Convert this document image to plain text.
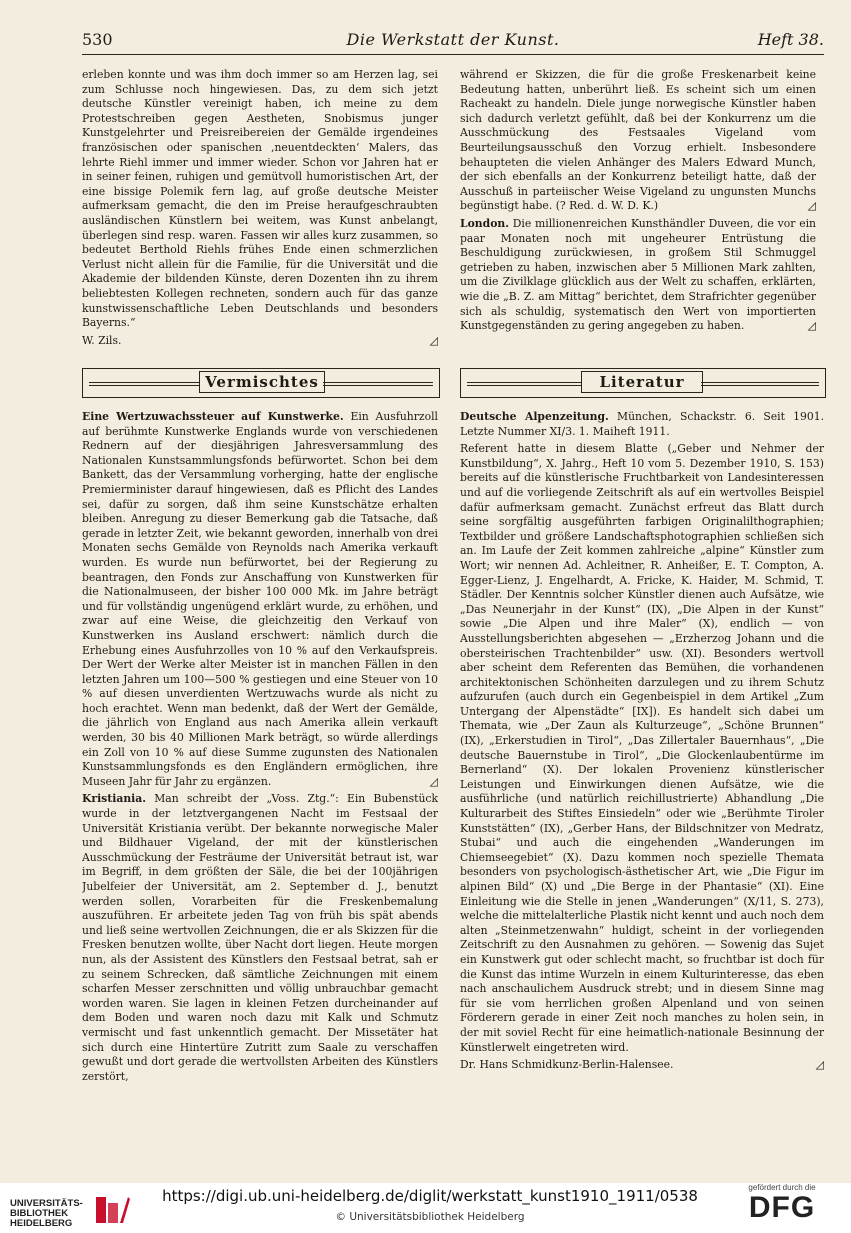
530	Die Werkstatt der Kunst.	Heft 38.

erleben konnte und was ihm doch immer so am Herzen lag, sei zum Schlusse noch hingewiesen. Das, zu dem sich jetzt deutsche Künstler vereinigt haben, ich meine zu dem Protestschreiben gegen Aestheten, Snobismus junger Kunstgelehrter und Preisreibereien der Gemälde irgendeines französischen oder spanischen ‚neuentdeckten‘ Malers, das lehrte Riehl immer und immer wieder. Schon vor Jahren hat er in seiner feinen, ruhigen und gemütvoll humoristischen Art, der eine bissige Polemik fern lag, auf große deutsche Meister aufmerksam gemacht, die den im Preise heraufgeschraubten ausländischen Künstlern bei weitem, was Kunst anbelangt, überlegen sind resp. waren. Fassen wir alles kurz zusammen, so bedeutet Berthold Riehls frühes Ende einen schmerzlichen Verlust nicht allein für die Familie, für die Universität und die Akademie der bildenden Künste, deren Dozenten ihn zu ihrem beliebtesten Kollegen rechneten, sondern auch für das ganze kunstwissenschaftliche Leben Deutschlands und besonders Bayerns.“

W. Zils.	◿

während er Skizzen, die für die große Freskenarbeit keine Bedeutung hatten, unberührt ließ. Es scheint sich um einen Racheakt zu handeln. Diele junge norwegische Künstler haben sich dadurch verletzt gefühlt, daß bei der Konkurrenz um die Ausschmückung des Festsaales Vigeland vom Beurteilungsausschuß den Vorzug erhielt. Insbesondere behaupteten die vielen Anhänger des Malers Edward Munch, der sich ebenfalls an der Konkurrenz beteiligt hatte, daß der Ausschuß in parteiischer Weise Vigeland zu ungunsten Munchs begünstigt habe. (? Red. d. W. D. K.)	◿

London. Die millionenreichen Kunsthändler Duveen, die vor ein paar Monaten noch mit ungeheurer Entrüstung die Beschuldigung zurückwiesen, in großem Stil Schmuggel getrieben zu haben, inzwischen aber 5 Millionen Mark zahlten, um die Zivilklage glücklich aus der Welt zu schaffen, erklärten, wie die „B. Z. am Mittag“ berichtet, dem Strafrichter gegenüber sich als schuldig, systematisch den Wert von importierten Kunstgegenständen zu gering angegeben zu haben.	◿

Vermischtes	Literatur

Eine Wertzuwachssteuer auf Kunstwerke. Ein Ausfuhrzoll auf berühmte Kunstwerke Englands wurde von verschiedenen Rednern auf der diesjährigen Jahresversammlung des Nationalen Kunstsammlungsfonds befürwortet. Schon bei dem Bankett, das der Versammlung vorherging, hatte der englische Premierminister darauf hingewiesen, daß es Pflicht des Landes sei, dafür zu sorgen, daß ihm seine Kunstschätze erhalten bleiben. Anregung zu dieser Bemerkung gab die Tatsache, daß gerade in letzter Zeit, wie bekannt geworden, innerhalb von drei Monaten sechs Gemälde von Reynolds nach Amerika verkauft wurden. Es wurde nun befürwortet, bei der Regierung zu beantragen, den Fonds zur Anschaffung von Kunstwerken für die Nationalmuseen, der bisher 100 000 Mk. im Jahre beträgt und für vollständig ungenügend erklärt wurde, zu erhöhen, und zwar auf eine Weise, die gleichzeitig den Verkauf von Kunstwerken ins Ausland erschwert: nämlich durch die Erhebung eines Ausfuhrzolles von 10 % auf den Verkaufspreis. Der Wert der Werke alter Meister ist in manchen Fällen in den letzten Jahren um 100—500 % gestiegen und eine Steuer von 10 % auf diesen unverdienten Wertzuwachs wurde als nicht zu hoch erachtet. Wenn man bedenkt, daß der Wert der Gemälde, die jährlich von England aus nach Amerika allein verkauft werden, 30 bis 40 Millionen Mark beträgt, so würde allerdings ein Zoll von 10 % auf diese Summe zugunsten des Nationalen Kunstsammlungsfonds es den Engländern ermöglichen, ihre Museen Jahr für Jahr zu ergänzen.	◿

Kristiania. Man schreibt der „Voss. Ztg.“: Ein Bubenstück wurde in der letztvergangenen Nacht im Festsaal der Universität Kristiania verübt. Der bekannte norwegische Maler und Bildhauer Vigeland, der mit der künstlerischen Ausschmückung der Festräume der Universität betraut ist, war im Begriff, in dem größten der Säle, die bei der 100jährigen Jubelfeier der Universität, am 2. September d. J., benutzt werden sollen, Vorarbeiten für die Freskenbemalung auszuführen. Er arbeitete jeden Tag von früh bis spät abends und ließ seine wertvollen Zeichnungen, die er als Skizzen für die Fresken benutzen wollte, über Nacht dort liegen. Heute morgen nun, als der Assistent des Künstlers den Festsaal betrat, sah er zu seinem Schrecken, daß sämtliche Zeichnungen mit einem scharfen Messer zerschnitten und völlig unbrauchbar gemacht worden waren. Sie lagen in kleinen Fetzen durcheinander auf dem Boden und waren noch dazu mit Kalk und Schmutz vermischt und fast unkenntlich gemacht. Der Missetäter hat sich durch eine Hintertüre Zutritt zum Saale zu verschaffen gewußt und dort gerade die wertvollsten Arbeiten des Künstlers zerstört,

Deutsche Alpenzeitung. München, Schackstr. 6. Seit 1901. Letzte Nummer XI/3. 1. Maiheft 1911.

Referent hatte in diesem Blatte („Geber und Nehmer der Kunstbildung“, X. Jahrg., Heft 10 vom 5. Dezember 1910, S. 153) bereits auf die künstlerische Fruchtbarkeit von Landesinteressen und auf die vorliegende Zeitschrift als auf ein wertvolles Beispiel dafür aufmerksam gemacht. Zunächst erfreut das Blatt durch seine sorgfältig ausgeführten farbigen Originalilthographien; Textbilder und größere Landschaftsphotographien schließen sich an. Im Laufe der Zeit kommen zahlreiche „alpine“ Künstler zum Wort; wir nennen Ad. Achleitner, R. Anheißer, E. T. Compton, A. Egger-Lienz, J. Engelhardt, A. Fricke, K. Haider, M. Schmid, T. Städler. Der Kenntnis solcher Künstler dienen auch Aufsätze, wie „Das Neunerjahr in der Kunst“ (IX), „Die Alpen in der Kunst“ sowie „Die Alpen und ihre Maler“ (X), endlich — von Ausstellungsberichten abgesehen — „Erzherzog Johann und die obersteirischen Trachtenbilder“ usw. (XI). Besonders wertvoll aber scheint dem Referenten das Bemühen, die vorhandenen architektonischen Schönheiten darzulegen und zu ihrem Schutz aufzurufen (auch durch ein Gegenbeispiel in dem Artikel „Zum Untergang der Alpenstädte“ [IX]). Es handelt sich dabei um Themata, wie „Der Zaun als Kulturzeuge“, „Schöne Brunnen“ (IX), „Erkerstudien in Tirol“, „Das Zillertaler Bauernhaus“, „Die deutsche Bauernstube in Tirol“, „Die Glockenlaubentürme im Bernerland“ (X). Der lokalen Provenienz künstlerischer Leistungen und Einwirkungen dienen Aufsätze, wie die ausführliche (und natürlich reichillustrierte) Abhandlung „Die Kulturarbeit des Stiftes Einsiedeln“ oder wie „Berühmte Tiroler Kunststätten“ (IX), „Gerber Hans, der Bildschnitzer von Medratz, Stubai“ und auch die eingehenden „Wanderungen im Chiemseegebiet“ (X). Dazu kommen noch spezielle Themata besonders von psychologisch-ästhetischer Art, wie „Die Figur im alpinen Bild“ (X) und „Die Berge in der Phantasie“ (XI). Eine Einleitung wie die Stelle in jenen „Wanderungen“ (X/11, S. 273), welche die mittelalterliche Plastik nicht kennt und auch noch dem alten „Steinmetzenwahn“ huldigt, scheint in der vorliegenden Zeitschrift zu den Ausnahmen zu gehören. — Sowenig das Sujet ein Kunstwerk gut oder schlecht macht, so fruchtbar ist doch für die Kunst das intime Wurzeln in einem Kulturinteresse, das eben nach anschaulichem Ausdruck strebt; und in diesem Sinne mag für sie vom herrlichen großen Alpenland und von seinen Förderern gerade in einer Zeit noch manches zu holen sein, in der mit soviel Recht für eine heimatlich-nationale Besinnung der Künstlerwelt eingetreten wird.

Dr. Hans Schmidkunz-Berlin-Halensee.	◿

UNIVERSITÄTS-
BIBLIOTHEK
HEIDELBERG
https://digi.ub.uni-heidelberg.de/diglit/werkstatt_kunst1910_1911/0538
© Universitätsbibliothek Heidelberg
gefördert durch die
DFG
